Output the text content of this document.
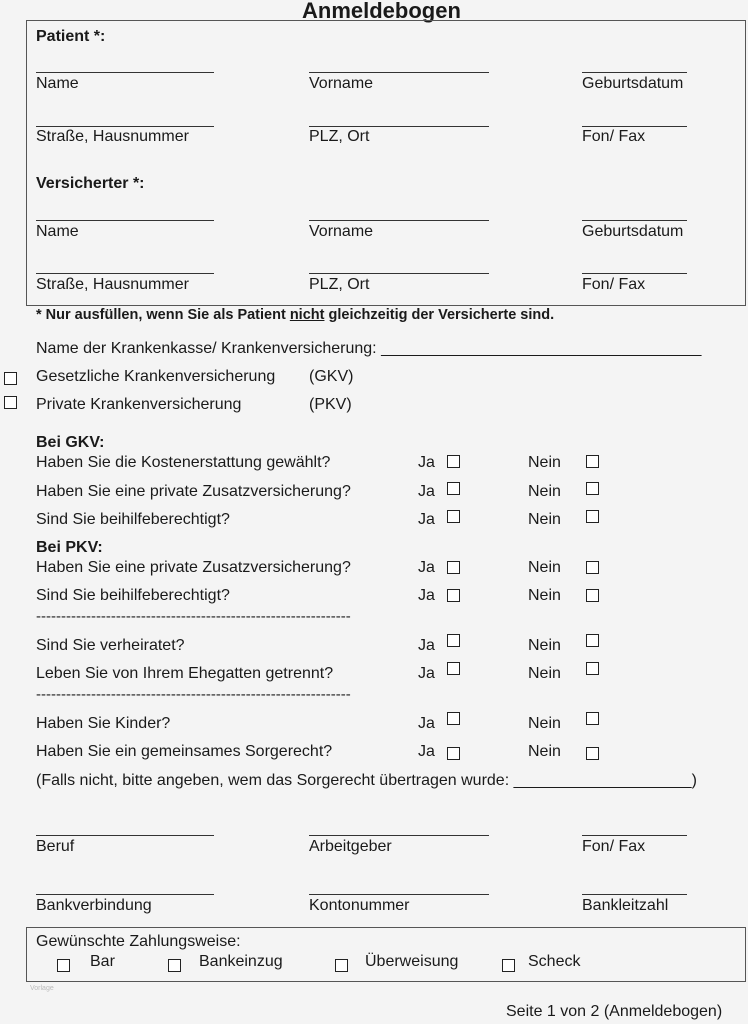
Anmeldebogen
Patient *:
Name	Vorname	Geburtsdatum
Straße, Hausnummer	PLZ, Ort	Fon/ Fax
Versicherter *:
Name	Vorname	Geburtsdatum
Straße, Hausnummer	PLZ, Ort	Fon/ Fax
* Nur ausfüllen, wenn Sie als Patient nicht gleichzeitig der Versicherte sind.
Name der Krankenkasse/ Krankenversicherung: ____________________________________
Gesetzliche Krankenversicherung (GKV)
Private Krankenversicherung	(PKV)
Bei GKV:
Haben Sie die Kostenerstattung gewählt?	Ja	Nein
Haben Sie eine private Zusatzversicherung?	Ja	Nein
Sind Sie beihilfeberechtigt?	Ja	Nein
Bei PKV:
Haben Sie eine private Zusatzversicherung?	Ja	Nein
Sind Sie beihilfeberechtigt?	Ja	Nein
---------------------------------------------------------------
Sind Sie verheiratet?	Ja	Nein
Leben Sie von Ihrem Ehegatten getrennt?	Ja	Nein
---------------------------------------------------------------
Haben Sie Kinder?	Ja	Nein
Haben Sie ein gemeinsames Sorgerecht?	Ja	Nein
(Falls nicht, bitte angeben, wem das Sorgerecht übertragen wurde: ____________________)
Beruf	Arbeitgeber	Fon/ Fax
Bankverbindung	Kontonummer	Bankleitzahl
Gewünschte Zahlungsweise:
Bar	Bankeinzug	Überweisung	Scheck
Vorlage
Seite 1 von 2 (Anmeldebogen)
